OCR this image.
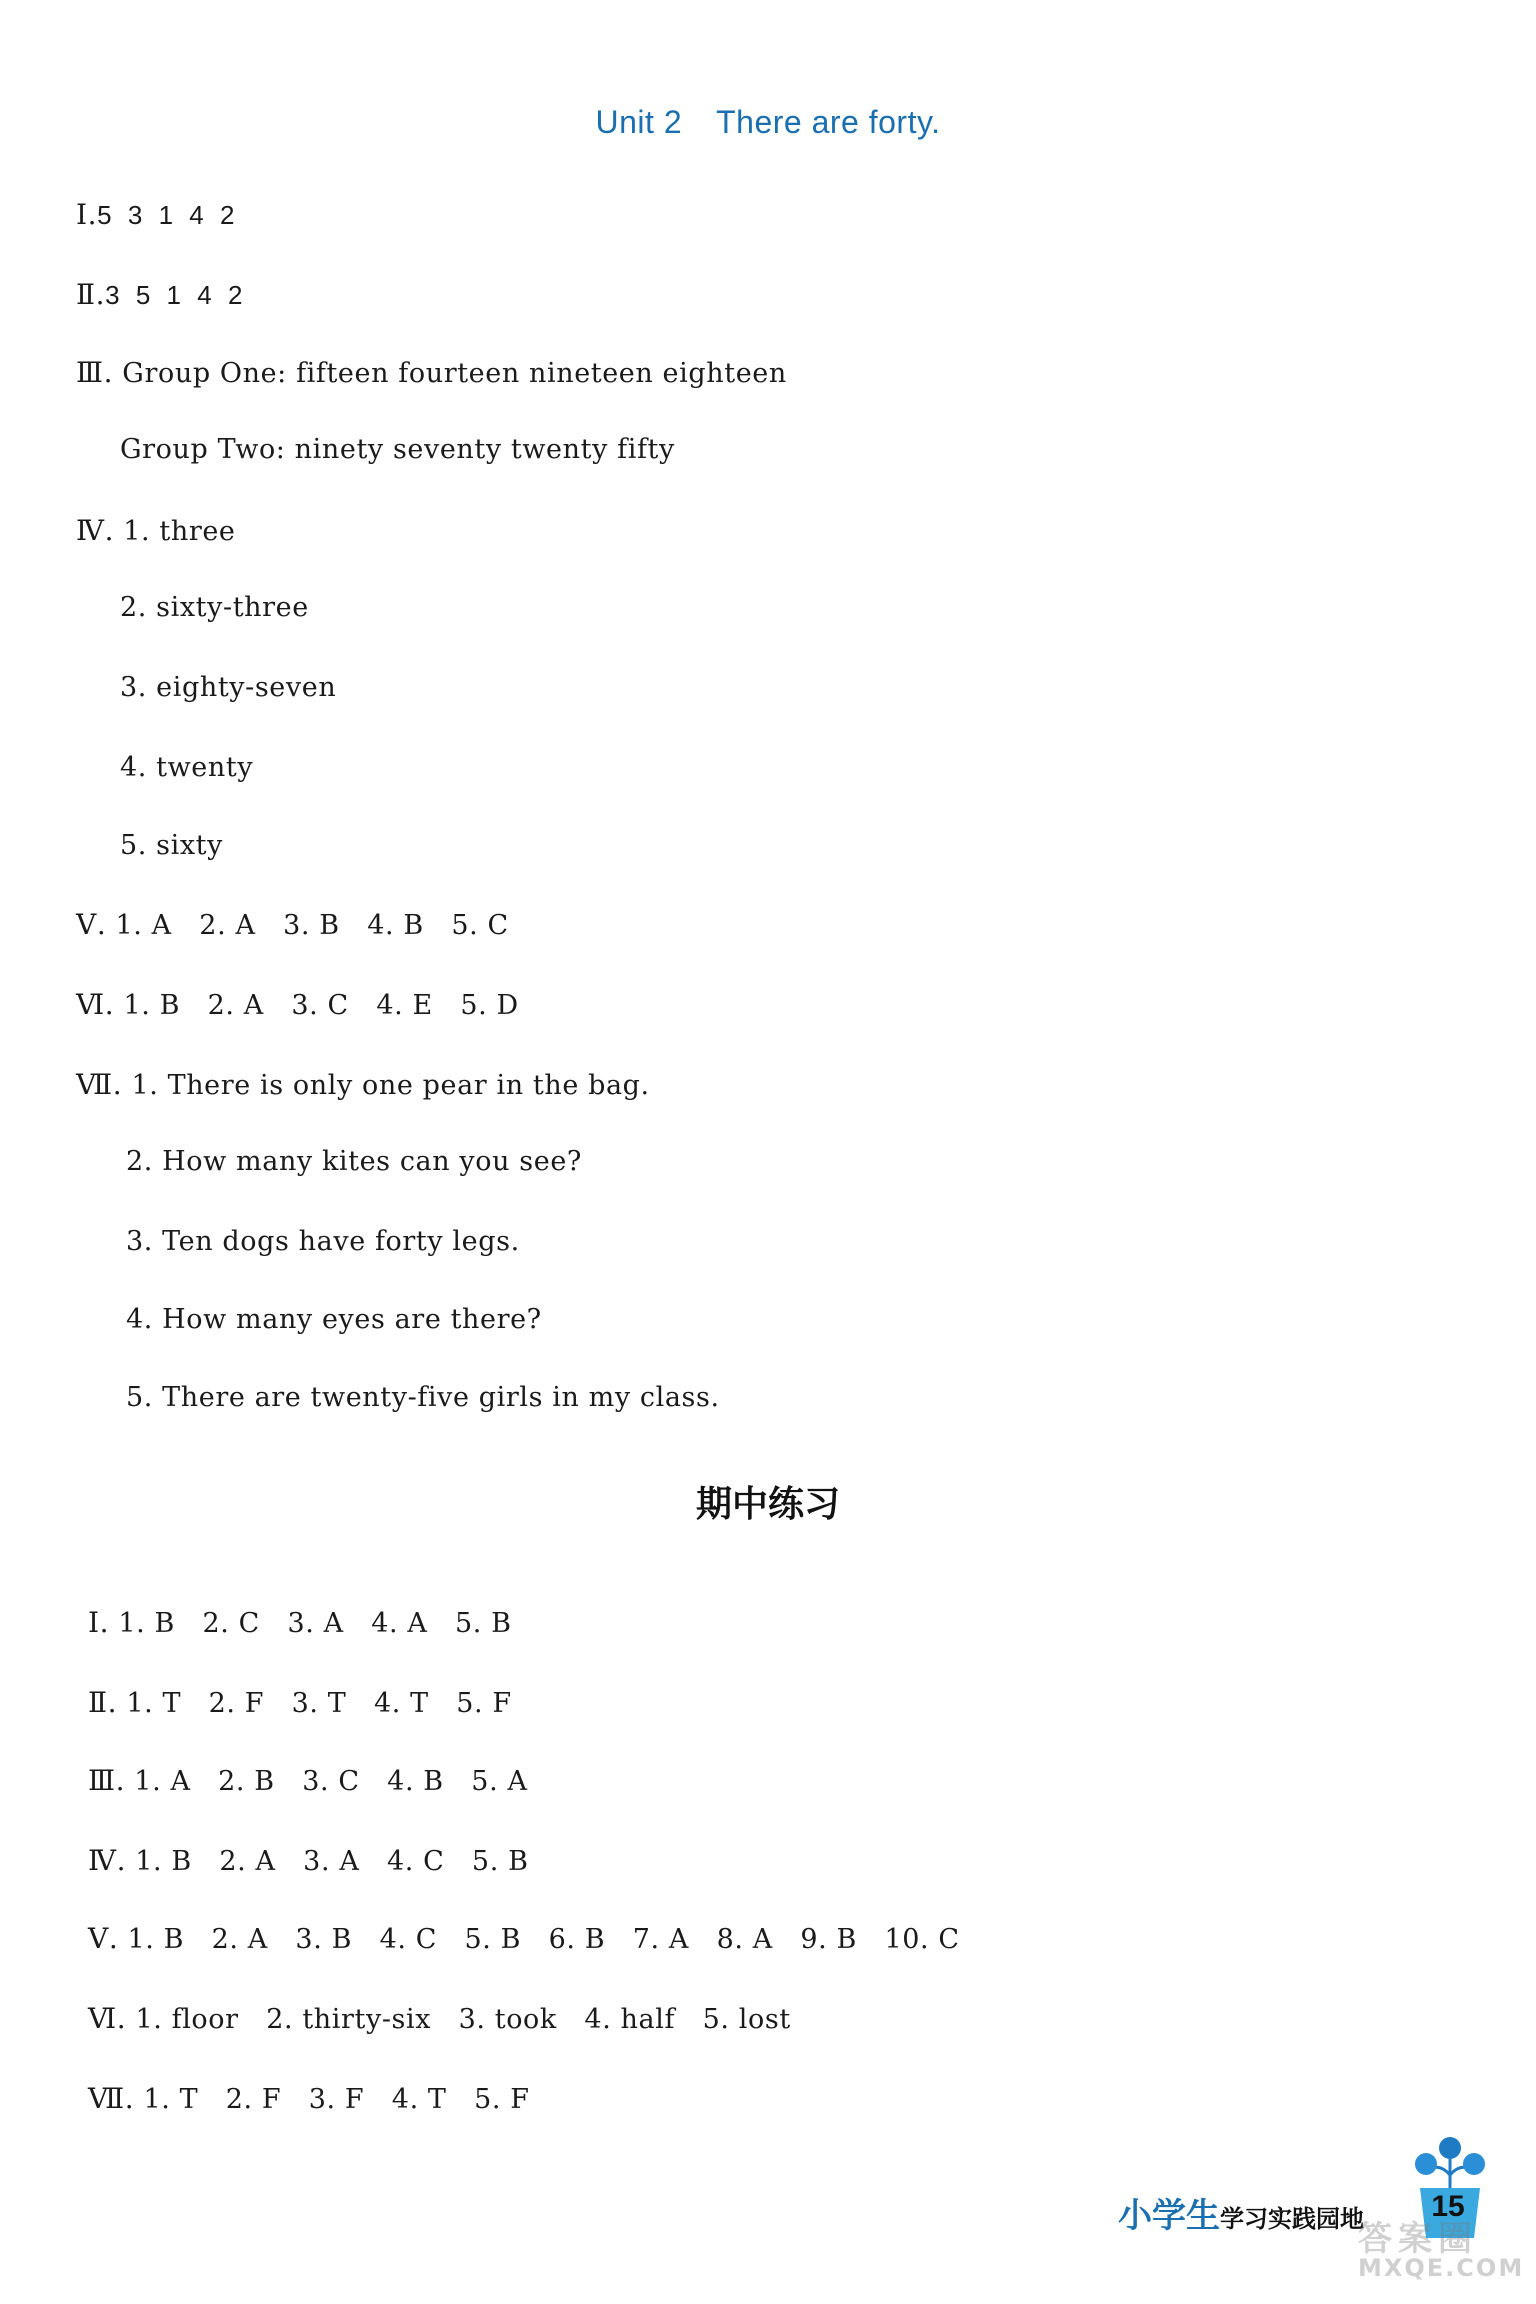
Unit 2 There are forty.
Ⅰ.5  3  1  4  2
Ⅱ.3  5  1  4  2
Ⅲ. Group One: fifteen fourteen nineteen eighteen
Group Two: ninety seventy twenty fifty
Ⅳ. 1. three
2. sixty-three
3. eighty-seven
4. twenty
5. sixty
Ⅴ. 1. A   2. A   3. B   4. B   5. C
Ⅵ. 1. B   2. A   3. C   4. E   5. D
Ⅶ. 1. There is only one pear in the bag.
2. How many kites can you see?
3. Ten dogs have forty legs.
4. How many eyes are there?
5. There are twenty-five girls in my class.
期中练习
Ⅰ. 1. B   2. C   3. A   4. A   5. B
Ⅱ. 1. T   2. F   3. T   4. T   5. F
Ⅲ. 1. A   2. B   3. C   4. B   5. A
Ⅳ. 1. B   2. A   3. A   4. C   5. B
Ⅴ. 1. B   2. A   3. B   4. C   5. B   6. B   7. A   8. A   9. B   10. C
Ⅵ. 1. floor   2. thirty-six   3. took   4. half   5. lost
Ⅶ. 1. T   2. F   3. F   4. T   5. F
小学生学习实践园地	15
答案圈
MXQE.COM
